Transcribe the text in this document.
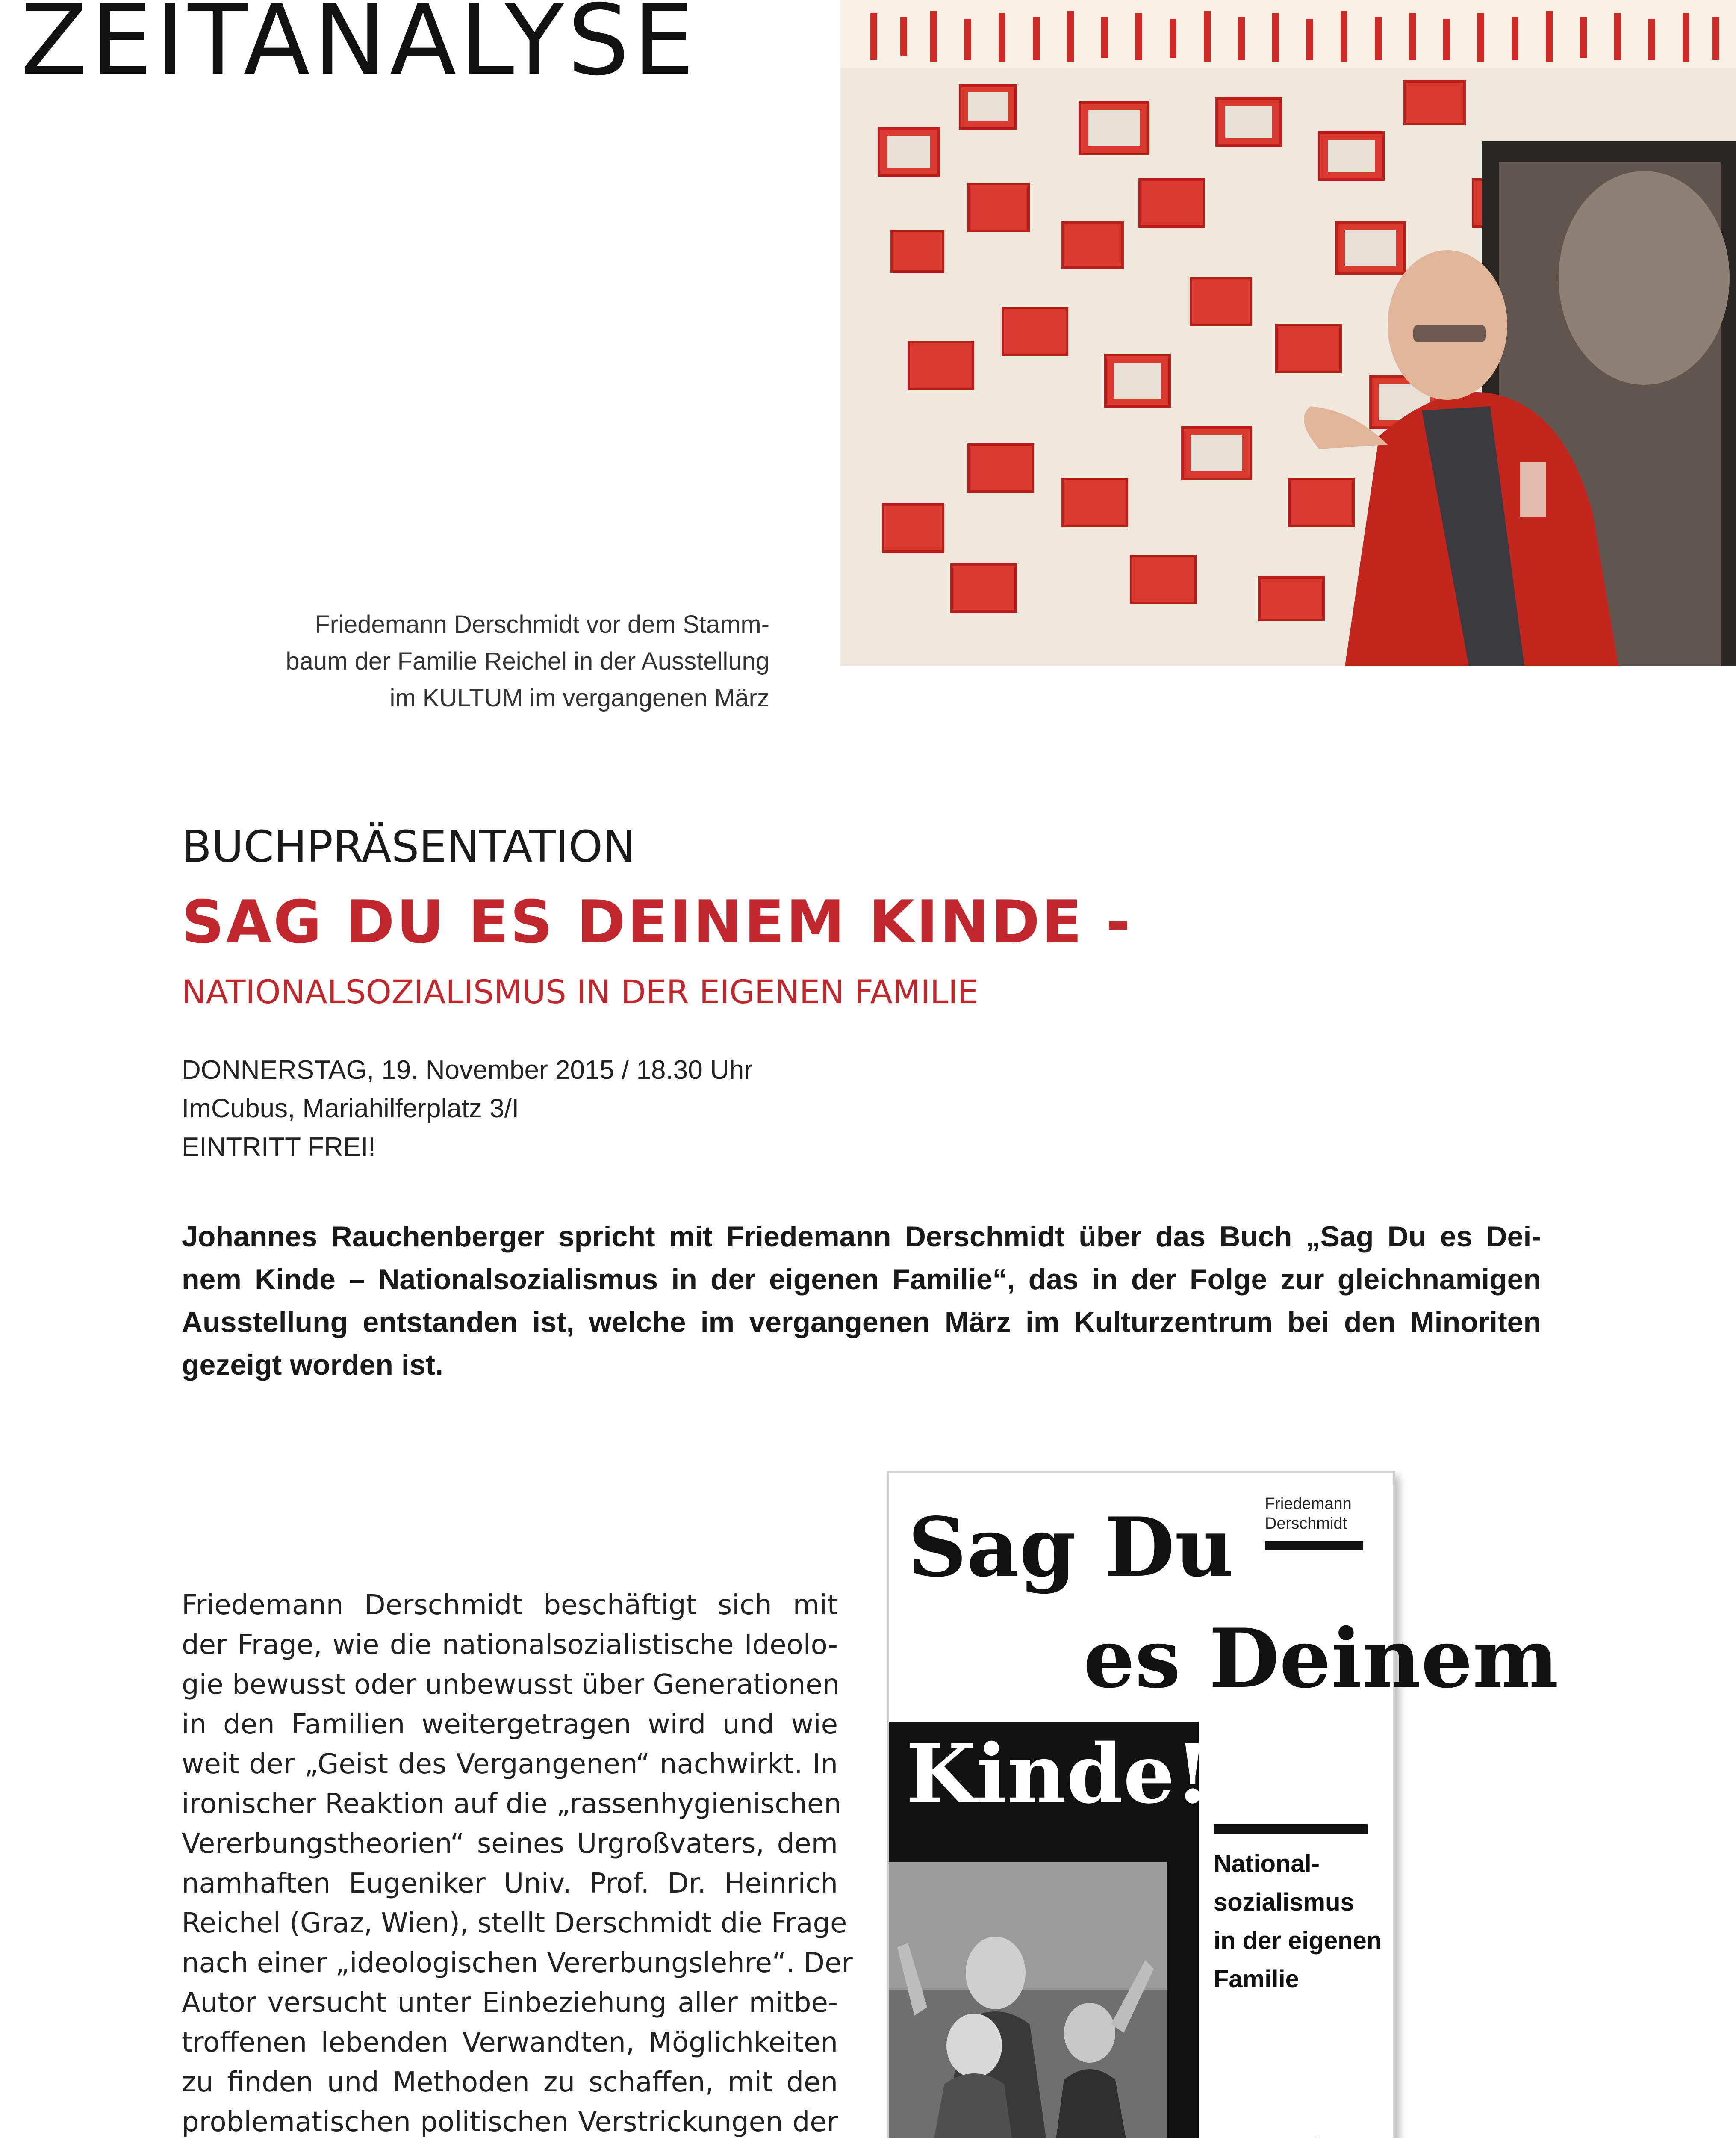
ZEITANALYSE
Friedemann Derschmidt vor dem Stamm-
baum der Familie Reichel in der Ausstellung
im KULTUM im vergangenen März
BUCHPRÄSENTATION
SAG DU ES DEINEM KINDE -
NATIONALSOZIALISMUS IN DER EIGENEN FAMILIE
DONNERSTAG, 19. November 2015 / 18.30 Uhr
ImCubus, Mariahilferplatz 3/I
EINTRITT FREI!
Johannes Rauchenberger spricht mit Friedemann Derschmidt über das Buch „Sag Du es Dei-
nem Kinde – Nationalsozialismus in der eigenen Familie“, das in der Folge zur gleichnamigen
Ausstellung entstanden ist, welche im vergangenen März im Kulturzentrum bei den Minoriten
gezeigt worden ist.
Friedemann Derschmidt beschäftigt sich mit
der Frage, wie die nationalsozialistische Ideolo-
gie bewusst oder unbewusst über Generationen
in den Familien weitergetragen wird und wie
weit der „Geist des Vergangenen“ nachwirkt. In
ironischer Reaktion auf die „rassenhygienischen
Vererbungstheorien“ seines Urgroßvaters, dem
namhaften Eugeniker Univ. Prof. Dr. Heinrich
Reichel (Graz, Wien), stellt Derschmidt die Frage
nach einer „ideologischen Vererbungslehre“. Der
Autor versucht unter Einbeziehung aller mitbe-
troffenen lebenden Verwandten, Möglichkeiten
zu finden und Methoden zu schaffen, mit den
problematischen politischen Verstrickungen der
Sag Du Friedemann
Derschmidt
es Deinem
Kinde!
National-
sozialismus
in der eigenen
Familie
